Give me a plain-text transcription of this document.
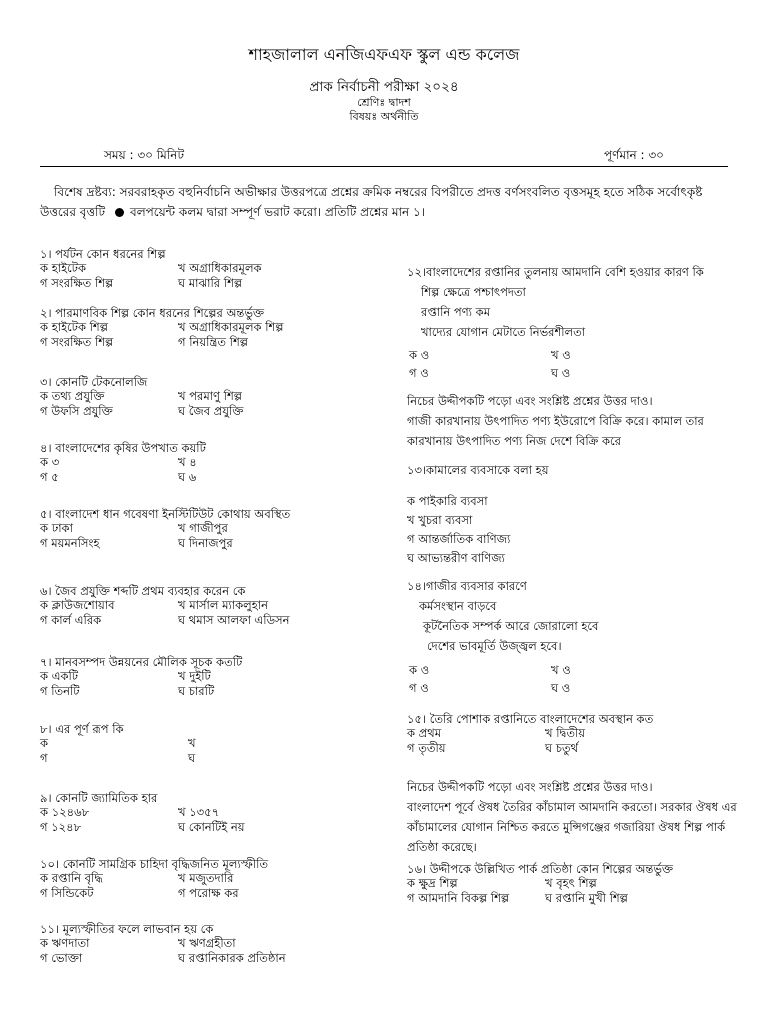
শাহজালাল এনজিএফএফ স্কুল এন্ড কলেজ
প্রাক নির্বাচনী পরীক্ষা ২০২৪
শ্রেণিঃ দ্বাদশ
বিষয়ঃ অর্থনীতি
সময় : ৩০ মিনিট	পূর্ণমান : ৩০
বিশেষ দ্রষ্টব্য: সরবরাহকৃত বহুনির্বাচনি অভীক্ষার উত্তরপত্রে প্রশ্নের ক্রমিক নম্বরের বিপরীতে প্রদত্ত বর্ণসংবলিত বৃত্তসমূহ হতে সঠিক সর্বোৎকৃষ্ট উত্তরের বৃত্তটি বলপয়েন্ট কলম দ্বারা সম্পূর্ণ ভরাট করো। প্রতিটি প্রশ্নের মান ১।
১। পর্যটন কোন ধরনের শিল্প
ক হাইটেক	খ অগ্রাধিকারমূলক
গ সংরক্ষিত শিল্প	ঘ মাঝারি শিল্প
২। পারমাণবিক শিল্প কোন ধরনের শিল্পের অন্তর্ভুক্ত
ক হাইটেক শিল্প	খ অগ্রাধিকারমূলক শিল্প
গ সংরক্ষিত শিল্প	গ নিয়ন্ত্রিত শিল্প
৩। কোনটি টেকনোলজি
ক তথ্য প্রযুক্তি	খ পরমাণু শিল্প
গ উফসি প্রযুক্তি	ঘ জৈব প্রযুক্তি
৪। বাংলাদেশের কৃষির উপখাত কয়টি
ক ৩	খ ৪
গ ৫	ঘ ৬
৫। বাংলাদেশ ধান গবেষণা ইনস্টিটিউট কোথায় অবস্থিত
ক ঢাকা	খ গাজীপুর
গ ময়মনসিংহ	ঘ দিনাজপুর
৬। জৈব প্রযুক্তি শব্দটি প্রথম ব্যবহার করেন কে
ক ক্লাউজশোয়াব	খ মার্সাল ম্যাকলুহান
গ কার্ল এরিক	ঘ থমাস আলফা এডিসন
৭। মানবসম্পদ উন্নয়নের মৌলিক সূচক কতটি
ক একটি	খ দুইটি
গ তিনটি	ঘ চারটি
৮। এর পূর্ণ রূপ কি
ক	খ
গ	ঘ
৯। কোনটি জ্যামিতিক হার
ক ১২৪৬৮	খ ১৩৫৭
গ ১২৪৮	ঘ কোনটিই নয়
১০। কোনটি সামগ্রিক চাহিদা বৃদ্ধিজনিত মূল্যস্ফীতি
ক রপ্তানি বৃদ্ধি	খ মজুতদারি
গ সিন্ডিকেট	গ পরোক্ষ কর
১১। মূল্যস্ফীতির ফলে লাভবান হয় কে
ক ঋণদাতা	খ ঋণগ্রহীতা
গ ভোক্তা	ঘ রপ্তানিকারক প্রতিষ্ঠান
১২।বাংলাদেশের রপ্তানির তুলনায় আমদানি বেশি হওয়ার কারণ কি
শিল্প ক্ষেত্রে পশ্চাৎপদতা
রপ্তানি পণ্য কম
খাদ্যের যোগান মেটাতে নির্ভরশীলতা
ক ও	খ ও
গ ও	ঘ ও
নিচের উদ্দীপকটি পড়ো এবং সংশ্লিষ্ট প্রশ্নের উত্তর দাও।
গাজী কারখানায় উৎপাদিত পণ্য ইউরোপে বিক্রি করে। কামাল তার কারখানায় উৎপাদিত পণ্য নিজ দেশে বিক্রি করে
১৩।কামালের ব্যবসাকে বলা হয়
ক পাইকারি ব্যবসা
খ খুচরা ব্যবসা
গ আন্তর্জাতিক বাণিজ্য
ঘ আভ্যন্তরীণ বাণিজ্য
১৪।গাজীর ব্যবসার কারণে
কর্মসংস্থান বাড়বে
কূটনৈতিক সম্পর্ক আরে জোরালো হবে
দেশের ভাবমূর্তি উজ্জ্বল হবে।
ক ও	খ ও
গ ও	ঘ ও
১৫। তৈরি পোশাক রপ্তানিতে বাংলাদেশের অবস্থান কত
ক প্রথম	খ দ্বিতীয়
গ তৃতীয়	ঘ চতুর্থ
নিচের উদ্দীপকটি পড়ো এবং সংশ্লিষ্ট প্রশ্নের উত্তর দাও।
বাংলাদেশ পূর্বে ঔষধ তৈরির কাঁচামাল আমদানি করতো। সরকার ঔষধ এর কাঁচামালের যোগান নিশ্চিত করতে মুন্সিগঞ্জের গজারিয়া ঔষধ শিল্প পার্ক প্রতিষ্ঠা করেছে।
১৬। উদ্দীপকে উল্লিখিত পার্ক প্রতিষ্ঠা কোন শিল্পের অন্তর্ভুক্ত
ক ক্ষুদ্র শিল্প	খ বৃহৎ শিল্প
গ আমদানি বিকল্প শিল্প	ঘ রপ্তানি মুখী শিল্প
